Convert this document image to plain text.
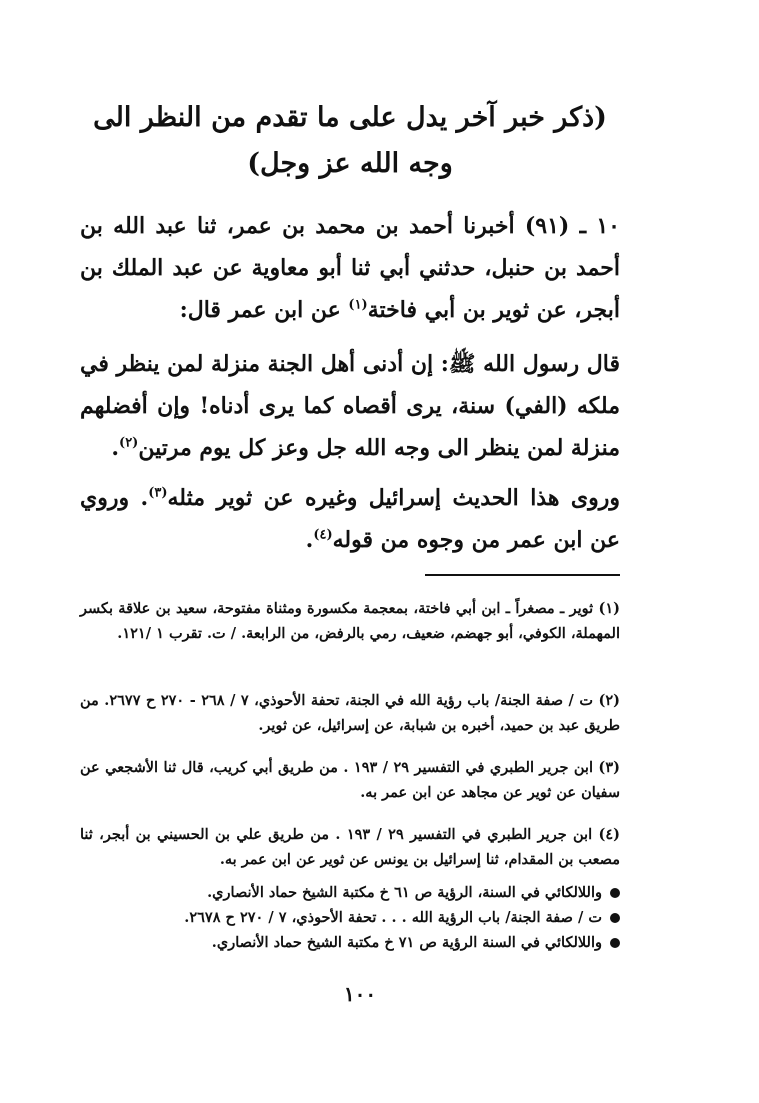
(ذكر خبر آخر يدل على ما تقدم من النظر الى وجه الله عز وجل)
١٠ ـ (٩١) أخبرنا أحمد بن محمد بن عمر، ثنا عبد الله بن أحمد بن حنبل، حدثني أبي ثنا أبو معاوية عن عبد الملك بن أبجر، عن ثوير بن أبي فاختة$^{(١)}$ عن ابن عمر قال:
قال رسول الله ﷺ: إن أدنى أهل الجنة منزلة لمن ينظر في ملكه (الفي) سنة، يرى أقصاه كما يرى أدناه! وإن أفضلهم منزلة لمن ينظر الى وجه الله جل وعز كل يوم مرتين$^{(٢)}$.
وروى هذا الحديث إسرائيل وغيره عن ثوير مثله$^{(٣)}$. وروي عن ابن عمر من وجوه من قوله$^{(٤)}$.
(١) ثوير ـ مصغراً ـ ابن أبي فاختة، بمعجمة مكسورة ومثناة مفتوحة، سعيد بن علاقة بكسر المهملة، الكوفي، أبو جهضم، ضعيف، رمي بالرفض، من الرابعة. / ت. تقرب ١ /١٢١.
(٢) ت / صفة الجنة/ باب رؤية الله في الجنة، تحفة الأحوذي، ٧ / ٢٦٨ - ٢٧٠ ح ٢٦٧٧. من طريق عبد بن حميد، أخبره بن شبابة، عن إسرائيل، عن ثوير.
(٣) ابن جرير الطبري في التفسير ٢٩ / ١٩٣ . من طريق أبي كريب، قال ثنا الأشجعي عن سفيان عن ثوير عن مجاهد عن ابن عمر به.
(٤) ابن جرير الطبري في التفسير ٢٩ / ١٩٣ . من طريق علي بن الحسيني بن أبجر، ثنا مصعب بن المقدام، ثنا إسرائيل بن يونس عن ثوير عن ابن عمر به.
واللالكائي في السنة، الرؤية ص ٦١ خ مكتبة الشيخ حماد الأنصاري.
ت / صفة الجنة/ باب الرؤية الله . . . تحفة الأحوذي، ٧ / ٢٧٠ ح ٢٦٧٨.
واللالكائي في السنة الرؤية ص ٧١ خ مكتبة الشيخ حماد الأنصاري.
١٠٠
